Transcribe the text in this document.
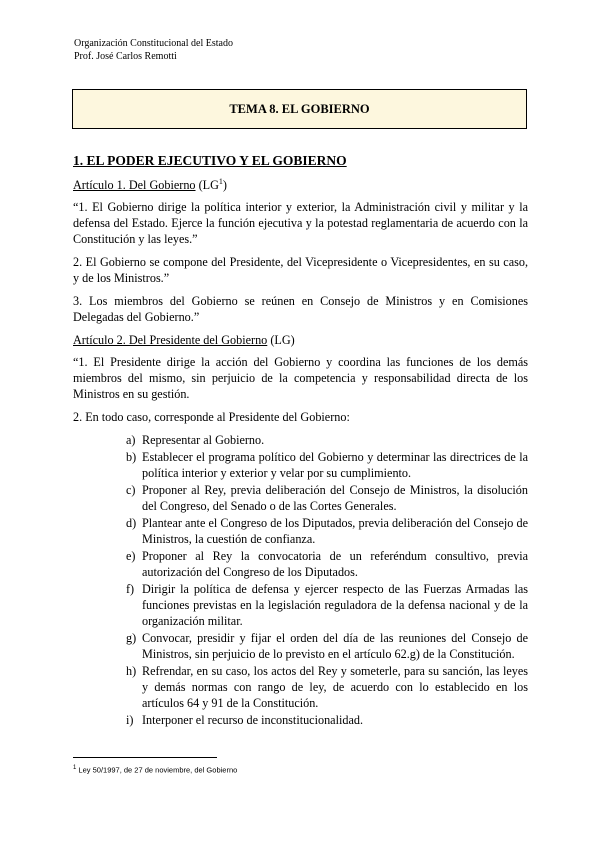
Organización Constitucional del Estado
Prof. José Carlos Remotti
TEMA 8. EL GOBIERNO
1. EL PODER EJECUTIVO Y EL GOBIERNO
Artículo 1. Del Gobierno $(LG^1)$

“1. El Gobierno dirige la política interior y exterior, la Administración civil y militar y la defensa del Estado. Ejerce la función ejecutiva y la potestad reglamentaria de acuerdo con la Constitución y las leyes.”

2. El Gobierno se compone del Presidente, del Vicepresidente o Vicepresidentes, en su caso, y de los Ministros.”

3. Los miembros del Gobierno se reúnen en Consejo de Ministros y en Comisiones Delegadas del Gobierno.”

Artículo 2. Del Presidente del Gobierno (LG)

“1. El Presidente dirige la acción del Gobierno y coordina las funciones de los demás miembros del mismo, sin perjuicio de la competencia y responsabilidad directa de los Ministros en su gestión.

2. En todo caso, corresponde al Presidente del Gobierno:

a) Representar al Gobierno.
b) Establecer el programa político del Gobierno y determinar las directrices de la política interior y exterior y velar por su cumplimiento.
c) Proponer al Rey, previa deliberación del Consejo de Ministros, la disolución del Congreso, del Senado o de las Cortes Generales.
d) Plantear ante el Congreso de los Diputados, previa deliberación del Consejo de Ministros, la cuestión de confianza.
e) Proponer al Rey la convocatoria de un referéndum consultivo, previa autorización del Congreso de los Diputados.
f) Dirigir la política de defensa y ejercer respecto de las Fuerzas Armadas las funciones previstas en la legislación reguladora de la defensa nacional y de la organización militar.
g) Convocar, presidir y fijar el orden del día de las reuniones del Consejo de Ministros, sin perjuicio de lo previsto en el artículo 62.g) de la Constitución.
h) Refrendar, en su caso, los actos del Rey y someterle, para su sanción, las leyes y demás normas con rango de ley, de acuerdo con lo establecido en los artículos 64 y 91 de la Constitución.
i) Interponer el recurso de inconstitucionalidad.
$^1$ Ley 50/1997, de 27 de noviembre, del Gobierno
